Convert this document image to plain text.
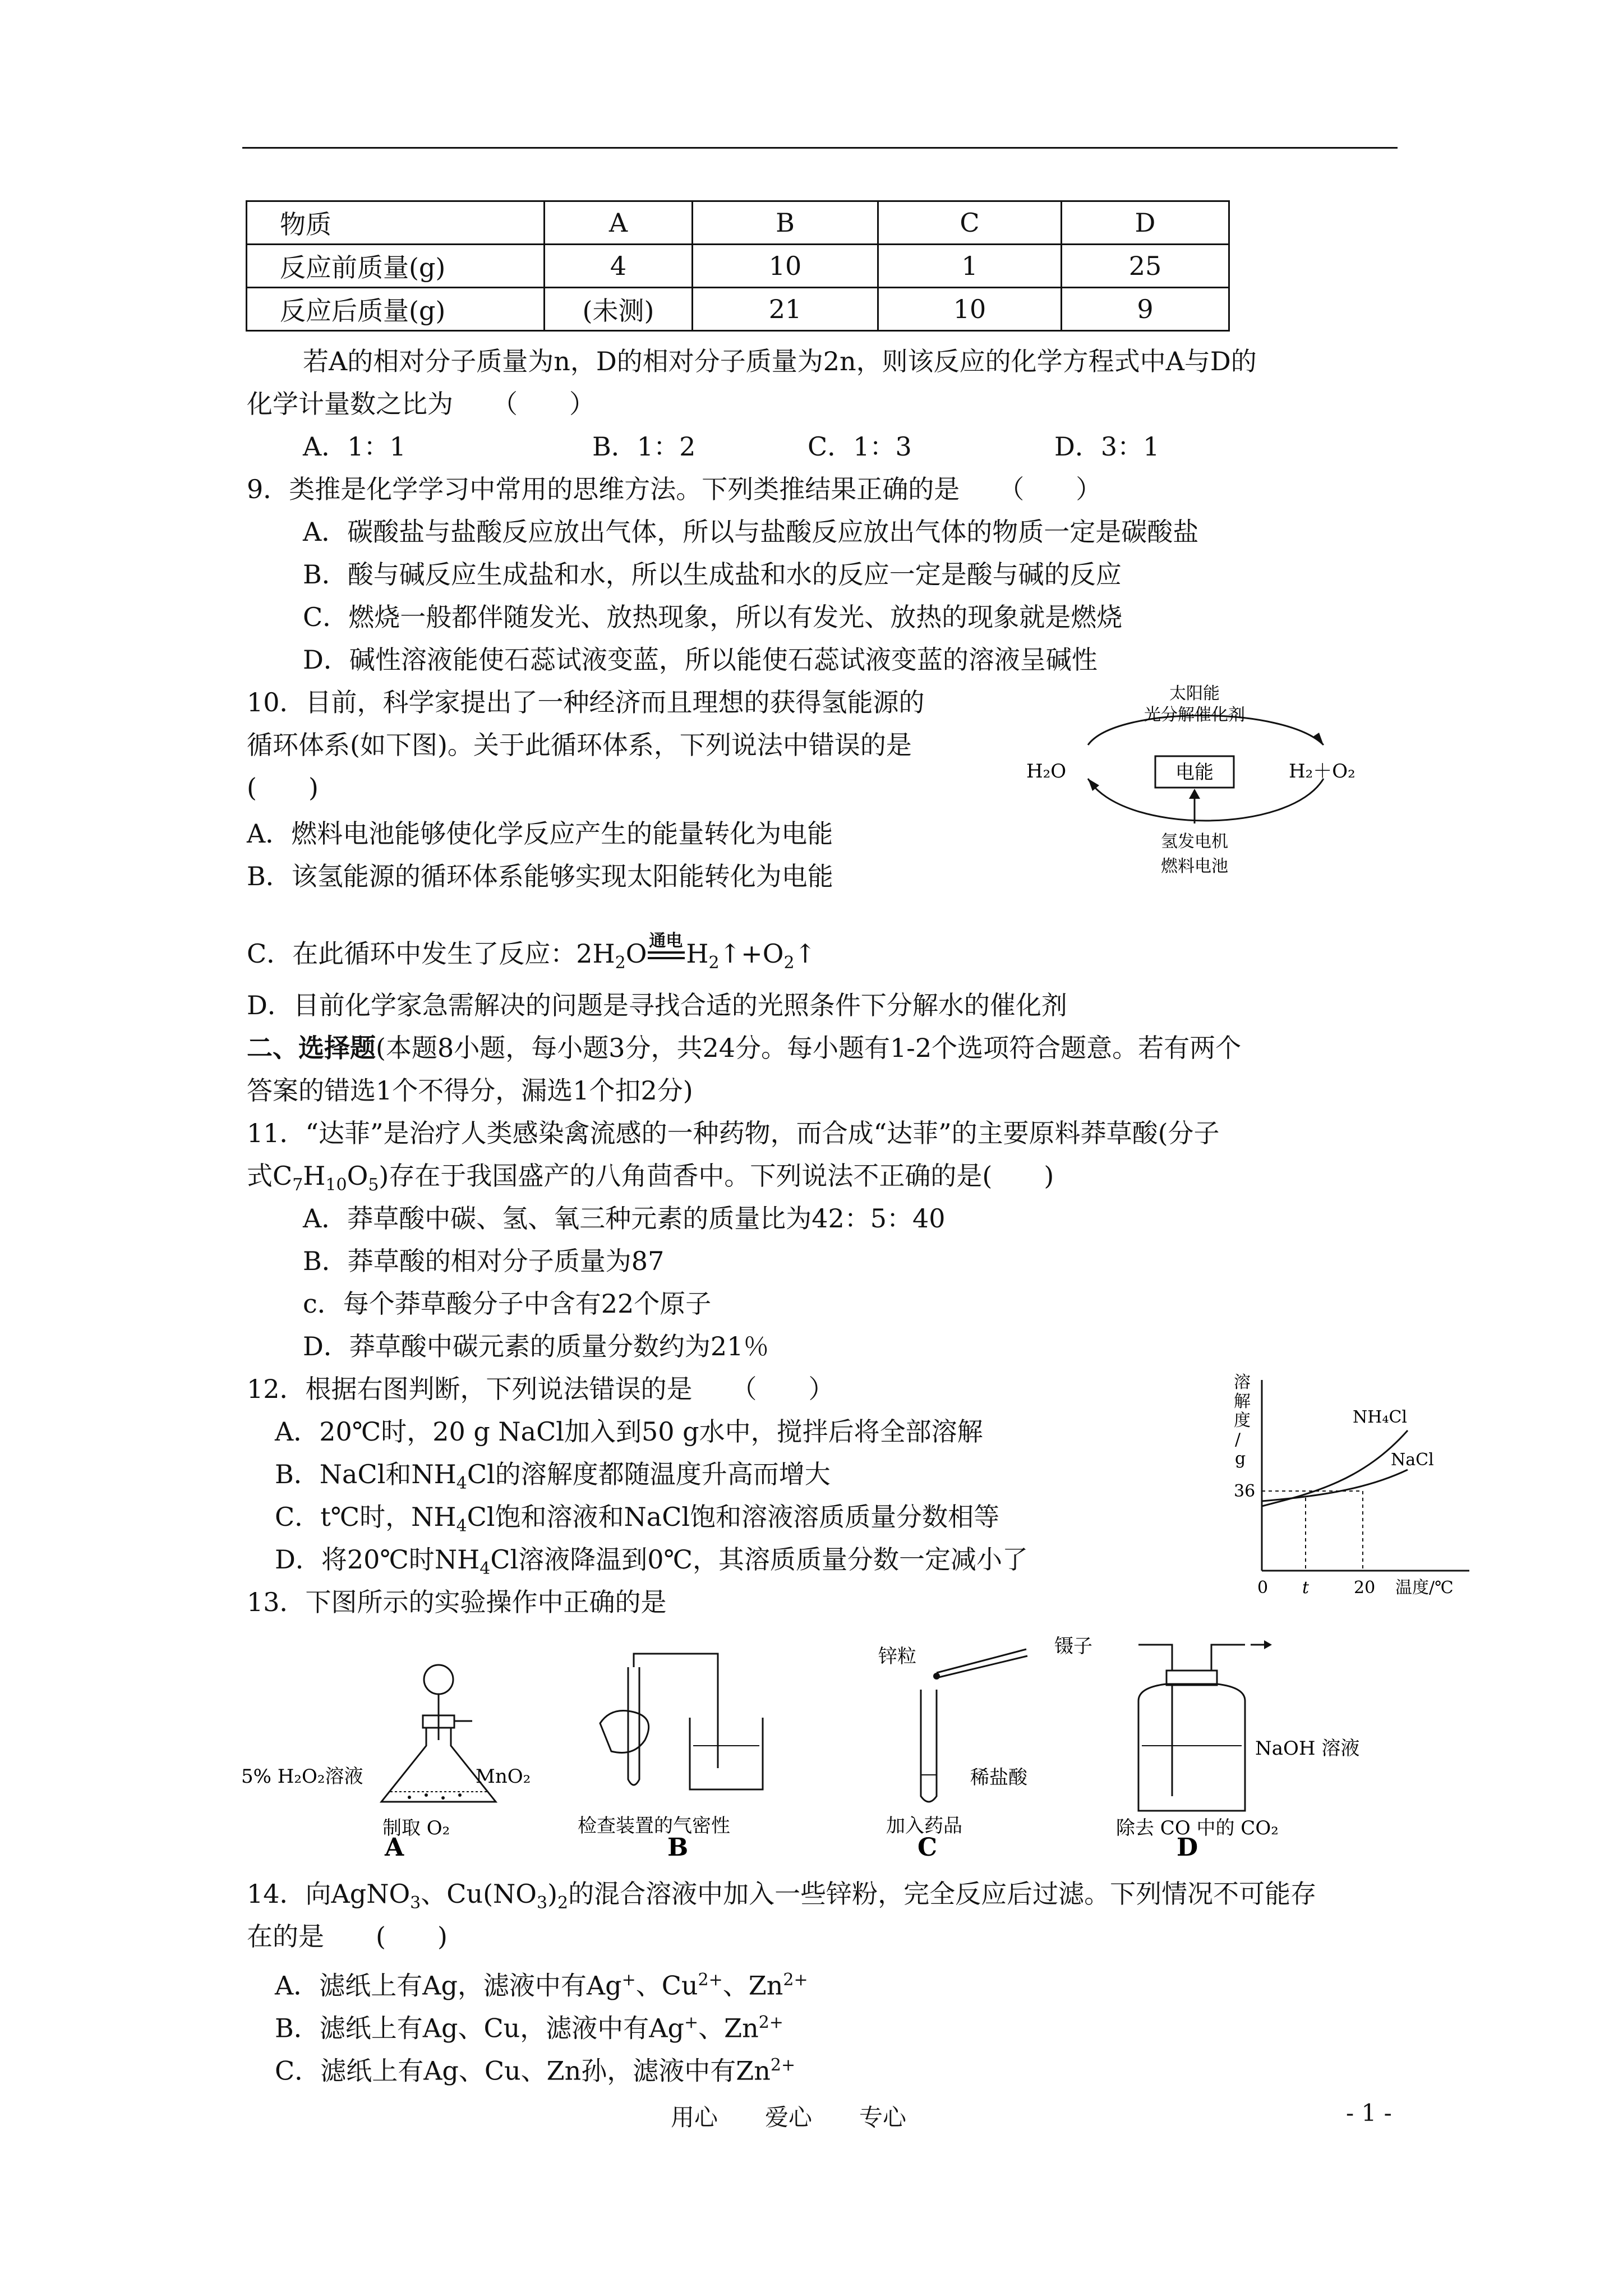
物质	A	B	C	D
反应前质量(g)	4	10	1	25
反应后质量(g)	(未测)	21	10	9
若A的相对分子质量为n，D的相对分子质量为2n，则该反应的化学方程式中A与D的
化学计量数之比为　　（　　）
A．1：1	B．1：2	C．1：3	D．3：1
9．类推是化学学习中常用的思维方法。下列类推结果正确的是　　（　　）
A．碳酸盐与盐酸反应放出气体，所以与盐酸反应放出气体的物质一定是碳酸盐
B．酸与碱反应生成盐和水，所以生成盐和水的反应一定是酸与碱的反应
C．燃烧一般都伴随发光、放热现象，所以有发光、放热的现象就是燃烧
D．碱性溶液能使石蕊试液变蓝，所以能使石蕊试液变蓝的溶液呈碱性
10．目前，科学家提出了一种经济而且理想的获得氢能源的
循环体系(如下图)。关于此循环体系，下列说法中错误的是
(　　)
A．燃料电池能够使化学反应产生的能量转化为电能
B．该氢能源的循环体系能够实现太阳能转化为电能
C．在此循环中发生了反应：$2H_2O$ 通电 $H_2↑+O_2↑$
D．目前化学家急需解决的问题是寻找合适的光照条件下分解水的催化剂
太阳能
光分解催化剂
H₂O	电能	H₂＋O₂
氢发电机
燃料电池
二、选择题(本题8小题，每小题3分，共24分。每小题有1-2个选项符合题意。若有两个
答案的错选1个不得分，漏选1个扣2分)
11．“达菲”是治疗人类感染禽流感的一种药物，而合成“达菲”的主要原料莽草酸(分子
式$C_7H_{10}O_5$)存在于我国盛产的八角茴香中。下列说法不正确的是(　　)
A．莽草酸中碳、氢、氧三种元素的质量比为42：5：40
B．莽草酸的相对分子质量为87
c．每个莽草酸分子中含有22个原子
D．莽草酸中碳元素的质量分数约为21％
12．根据右图判断，下列说法错误的是　　（　　）
A．20℃时，20 g NaCl加入到50 g水中，搅拌后将全部溶解
B．NaCl和$NH_4Cl$的溶解度都随温度升高而增大
C．t℃时，$NH_4Cl$饱和溶液和NaCl饱和溶液溶质质量分数相等
D．将20℃时$NH_4Cl$溶液降温到0℃，其溶质质量分数一定减小了
溶
解
度
/
g
36
0 t	20 温度/℃
NH₄Cl
NaCl
13．下图所示的实验操作中正确的是
5% H₂O₂溶液	MnO₂
制取 O₂
A
检查装置的气密性
B
锌粒	镊子
稀盐酸
加入药品
C
NaOH 溶液
除去 CO 中的 CO₂
D
14．向AgNO$_3$、$Cu(NO_3)_2$的混合溶液中加入一些锌粉，完全反应后过滤。下列情况不可能存
在的是　　(　　)
A．滤纸上有Ag，滤液中有Ag+、$Cu^{2+}$、$Zn^{2+}$
B．滤纸上有Ag、Cu，滤液中有Ag+、$Zn^{2+}$
C．滤纸上有Ag、Cu、Zn孙，滤液中有$Zn^{2+}$
用心　　爱心　　专心	- 1 -
